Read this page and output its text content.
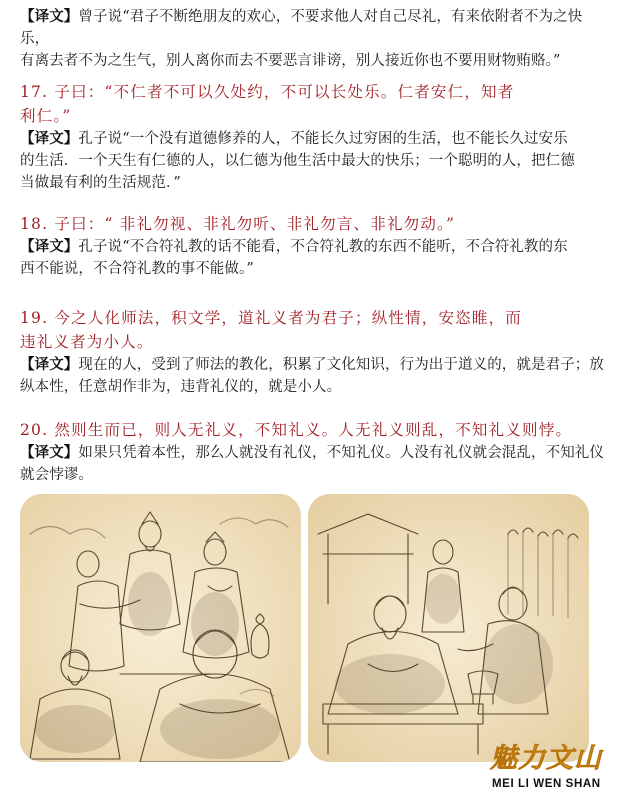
【译文】曾子说“君子不断绝朋友的欢心，不要求他人对自己尽礼，有来依附者不为之快乐，
有离去者不为之生气，别人离你而去不要恶言诽谤，别人接近你也不要用财物贿赂。”

17. 子曰：“不仁者不可以久处约，不可以长处乐。仁者安仁，知者
利仁。”

【译文】孔子说“一个没有道德修养的人，不能长久过穷困的生活，也不能长久过安乐
的生活．一个天生有仁德的人，以仁德为他生活中最大的快乐；一个聪明的人，把仁德
当做最有利的生活规范．”

18. 子曰：“ 非礼勿视、非礼勿听、非礼勿言、非礼勿动。”

【译文】孔子说“不合符礼教的话不能看，不合符礼教的东西不能听，不合符礼教的东
西不能说，不合符礼教的事不能做。”

19. 今之人化师法，积文学，道礼义者为君子；纵性情，安恣睢，而
违礼义者为小人。

【译文】现在的人，受到了师法的教化，积累了文化知识，行为出于道义的，就是君子；放
纵本性，任意胡作非为，违背礼仪的，就是小人。

20. 然则生而已，则人无礼义，不知礼义。人无礼义则乱，不知礼义则悖。

【译文】如果只凭着本性，那么人就没有礼仪，不知礼仪。人没有礼仪就会混乱，不知礼仪
就会悖谬。

魅力文山
MEI LI WEN SHAN
